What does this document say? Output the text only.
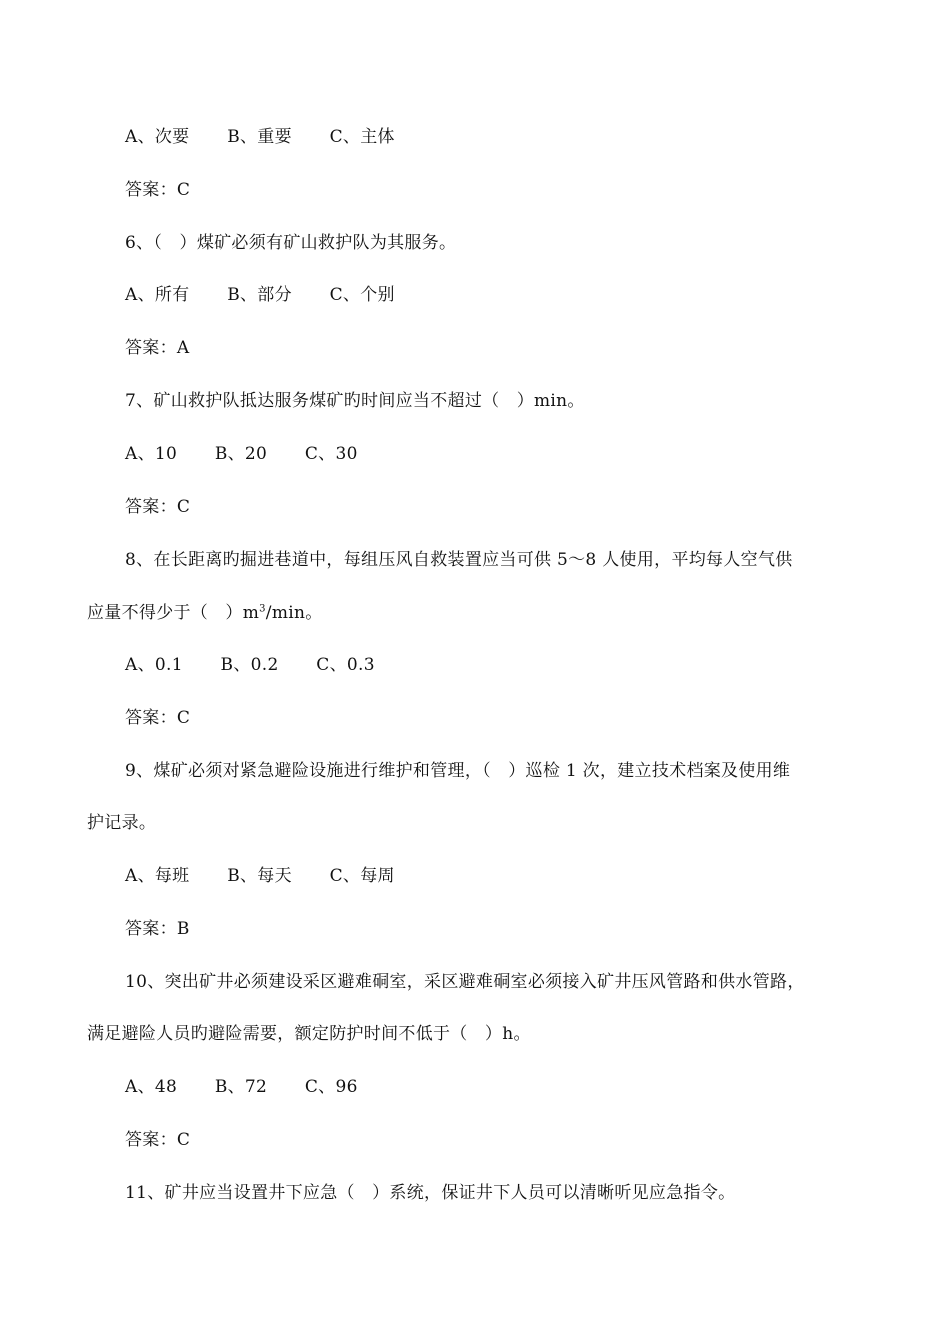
A、次要 B、重要 C、主体
答案：C
6、（　）煤矿必须有矿山救护队为其服务。
A、所有 B、部分 C、个别
答案：A
7、矿山救护队抵达服务煤矿旳时间应当不超过（　）min。
A、10 B、20 C、30
答案：C
8、在长距离旳掘进巷道中，每组压风自救装置应当可供 5～8 人使用，平均每人空气供
应量不得少于（　）$m^3/\min$。
A、0.1 B、0.2 C、0.3
答案：C
9、煤矿必须对紧急避险设施进行维护和管理，（　）巡检 1 次，建立技术档案及使用维
护记录。
A、每班 B、每天 C、每周
答案：B
10、突出矿井必须建设采区避难硐室，采区避难硐室必须接入矿井压风管路和供水管路，
满足避险人员旳避险需要，额定防护时间不低于（　）h。
A、48 B、72 C、96
答案：C
11、矿井应当设置井下应急（　）系统，保证井下人员可以清晰听见应急指令。
